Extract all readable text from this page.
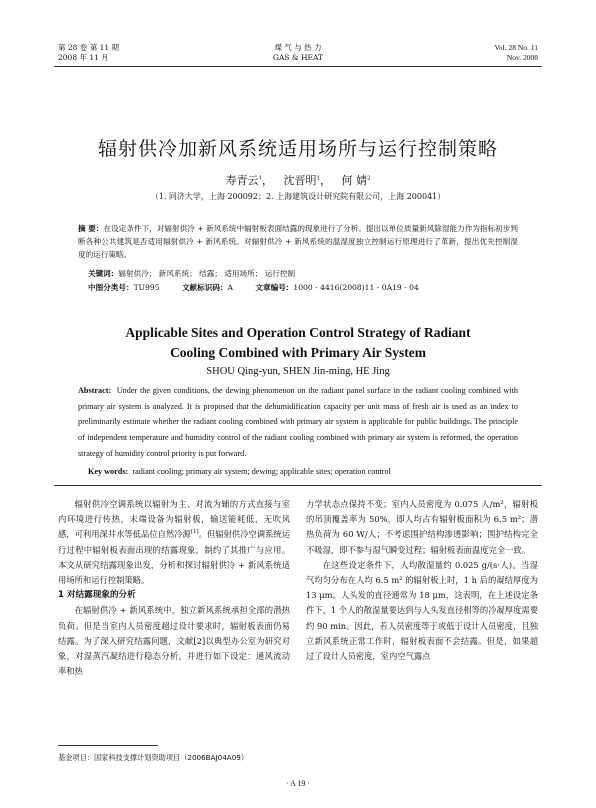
第 28 卷 第 11 期
2008 年 11 月
煤 气 与 热 力
GAS & HEAT
Vol. 28 No. 11
Nov. 2008
辐射供冷加新风系统适用场所与运行控制策略
寿青云$^1$，   沈晋明$^1$，   何 婧$^2$
（1. 同济大学，上海 200092；2. 上海建筑设计研究院有限公司，上海 200041）
摘 要：在设定条件下，对辐射供冷 + 新风系统中辐射板表面结露的现象进行了分析。提出以单位质量新风除湿能力作为指标初步判断各种公共建筑是否适用辐射供冷 + 新风系统。对辐射供冷 + 新风系统的温湿度独立控制运行原理进行了革新，提出优先控制湿度的运行策略。
关键词：辐射供冷； 新风系统； 结露； 适用场所； 运行控制
中图分类号：TU995	文献标识码：A	文章编号：1000 - 4416(2008)11 - 0A19 - 04
Applicable Sites and Operation Control Strategy of Radiant
Cooling Combined with Primary Air System
SHOU Qing-yun, SHEN Jin-ming, HE Jing
Abstract: Under the given conditions, the dewing phenomenon on the radiant panel surface in the radiant cooling combined with primary air system is analyzed. It is proposed that the dehumidification capacity per unit mass of fresh air is used as an index to preliminarily estimate whether the radiant cooling combined with primary air system is applicable for public buildings. The principle of independent temperature and humidity control of the radiant cooling combined with primary air system is reformed, the operation strategy of humidity control priority is put forward.
Key words: radiant cooling; primary air system; dewing; applicable sites; operation control

辐射供冷空调系统以辐射为主、对流为辅的方式直接与室内环境进行传热，末端设备为辐射板，输送能耗低，无吹风感，可利用深井水等低品位自然冷源[1]。但辐射供冷空调系统运行过程中辐射板表面出现的结露现象，制约了其推广与应用。本文从研究结露现象出发，分析和探讨辐射供冷 + 新风系统适用场所和运行控制策略。

1 对结露现象的分析

在辐射供冷 + 新风系统中，独立新风系统承担全部的潜热负荷。但是当室内人员密度超过设计要求时，辐射板表面仍易结露。为了深入研究结露问题，文献[2]以典型办公室为研究对象，对湿蒸汽凝结进行稳态分析，并进行如下设定：通风流动率和热

力学状态点保持不变；室内人员密度为 0.075 人/m²，辐射板的吊顶覆盖率为 50%，即人均占有辐射板面积为 6.5 m²；潜热负荷为 60 W/人；不考虑围护结构渗透影响；围护结构完全不吸湿，即不参与湿气瞬变过程；辐射板表面温度完全一致。

在这些设定条件下，人均散湿量约 0.025 g/(s·人)。当湿气均匀分布在人均 6.5 m² 的辐射板上时，1 h 后的凝结厚度为 13 μm。人头发的直径通常为 18 μm，这表明，在上述设定条件下，1 个人的散湿量要达到与人头发直径相等的冷凝厚度需要约 90 min。因此，若人员密度等于或低于设计人员密度，且独立新风系统正常工作时，辐射板表面不会结露。但是，如果超过了设计人员密度，室内空气露点

基金项目：国家科技支撑计划资助项目（2006BAJ04A09）
· A 19 ·
